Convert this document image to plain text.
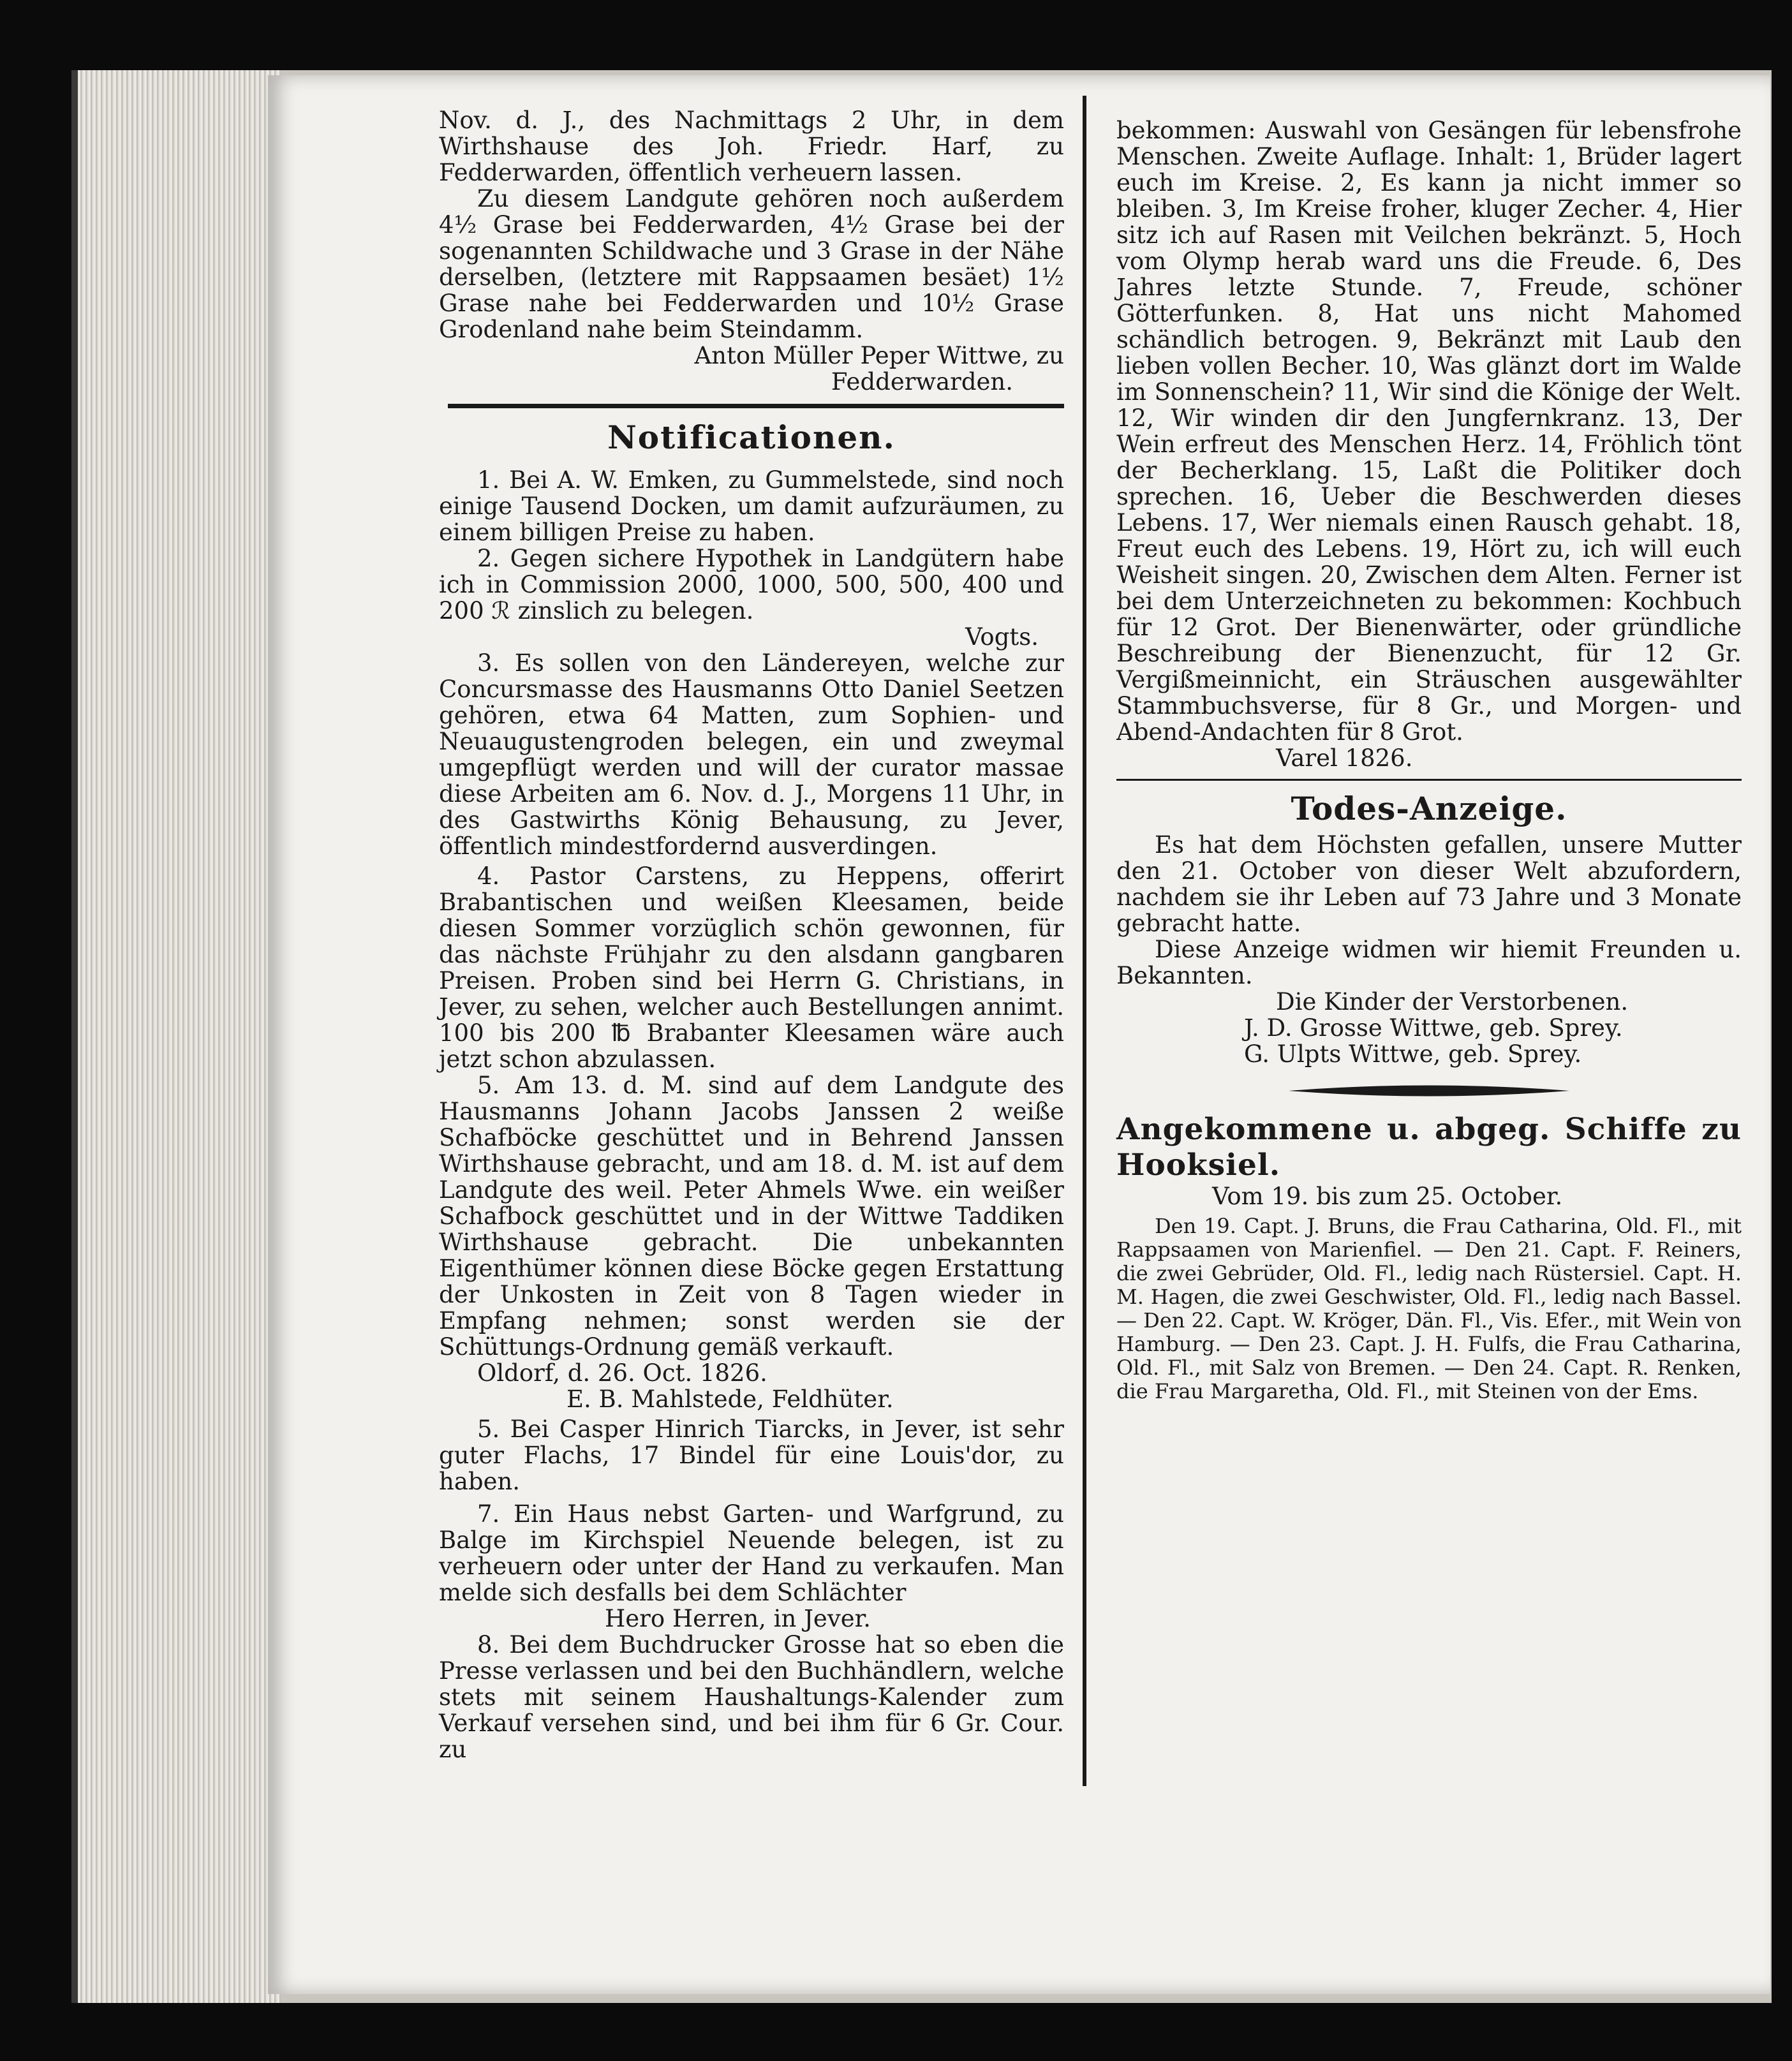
Nov. d. J., des Nachmittags 2 Uhr, in dem Wirthshause des Joh. Friedr. Harf, zu Fedderwarden, öffentlich verheuern lassen.

Zu diesem Landgute gehören noch außerdem 4½ Grase bei Fedderwarden, 4½ Grase bei der sogenannten Schildwache und 3 Grase in der Nähe derselben, (letztere mit Rappsaamen besäet) 1½ Grase nahe bei Fedderwarden und 10½ Grase Grodenland nahe beim Steindamm.

Anton Müller Peper Wittwe, zu

Fedderwarden.

Notificationen.

1. Bei A. W. Emken, zu Gummelstede, sind noch einige Tausend Docken, um damit aufzuräumen, zu einem billigen Preise zu haben.

2. Gegen sichere Hypothek in Landgütern habe ich in Commission 2000, 1000, 500, 500, 400 und 200 ℛ zinslich zu belegen.

Vogts.

3. Es sollen von den Ländereyen, welche zur Concursmasse des Hausmanns Otto Daniel Seetzen gehören, etwa 64 Matten, zum Sophien- und Neuaugustengroden belegen, ein und zweymal umgepflügt werden und will der curator massae diese Arbeiten am 6. Nov. d. J., Morgens 11 Uhr, in des Gastwirths König Behausung, zu Jever, öffentlich mindestfordernd ausverdingen.

4. Pastor Carstens, zu Heppens, offerirt Brabantischen und weißen Kleesamen, beide diesen Sommer vorzüglich schön gewonnen, für das nächste Frühjahr zu den alsdann gangbaren Preisen. Proben sind bei Herrn G. Christians, in Jever, zu sehen, welcher auch Bestellungen annimt. 100 bis 200 ℔ Brabanter Kleesamen wäre auch jetzt schon abzulassen.

5. Am 13. d. M. sind auf dem Landgute des Hausmanns Johann Jacobs Janssen 2 weiße Schafböcke geschüttet und in Behrend Janssen Wirthshause gebracht, und am 18. d. M. ist auf dem Landgute des weil. Peter Ahmels Wwe. ein weißer Schafbock geschüttet und in der Wittwe Taddiken Wirthshause gebracht. Die unbekannten Eigenthümer können diese Böcke gegen Erstattung der Unkosten in Zeit von 8 Tagen wieder in Empfang nehmen; sonst werden sie der Schüttungs-Ordnung gemäß verkauft.

Oldorf, d. 26. Oct. 1826.

E. B. Mahlstede, Feldhüter.

5. Bei Casper Hinrich Tiarcks, in Jever, ist sehr guter Flachs, 17 Bindel für eine Louis'dor, zu haben.

7. Ein Haus nebst Garten- und Warfgrund, zu Balge im Kirchspiel Neuende belegen, ist zu verheuern oder unter der Hand zu verkaufen. Man melde sich desfalls bei dem Schlächter

Hero Herren, in Jever.

8. Bei dem Buchdrucker Grosse hat so eben die Presse verlassen und bei den Buchhändlern, welche stets mit seinem Haushaltungs-Kalender zum Verkauf versehen sind, und bei ihm für 6 Gr. Cour. zu

bekommen: Auswahl von Gesängen für lebensfrohe Menschen. Zweite Auflage. Inhalt: 1, Brüder lagert euch im Kreise. 2, Es kann ja nicht immer so bleiben. 3, Im Kreise froher, kluger Zecher. 4, Hier sitz ich auf Rasen mit Veilchen bekränzt. 5, Hoch vom Olymp herab ward uns die Freude. 6, Des Jahres letzte Stunde. 7, Freude, schöner Götterfunken. 8, Hat uns nicht Mahomed schändlich betrogen. 9, Bekränzt mit Laub den lieben vollen Becher. 10, Was glänzt dort im Walde im Sonnenschein? 11, Wir sind die Könige der Welt. 12, Wir winden dir den Jungfernkranz. 13, Der Wein erfreut des Menschen Herz. 14, Fröhlich tönt der Becherklang. 15, Laßt die Politiker doch sprechen. 16, Ueber die Beschwerden dieses Lebens. 17, Wer niemals einen Rausch gehabt. 18, Freut euch des Lebens. 19, Hört zu, ich will euch Weisheit singen. 20, Zwischen dem Alten. Ferner ist bei dem Unterzeichneten zu bekommen: Kochbuch für 12 Grot. Der Bienenwärter, oder gründliche Beschreibung der Bienenzucht, für 12 Gr. Vergißmeinnicht, ein Sträuschen ausgewählter Stammbuchsverse, für 8 Gr., und Morgen- und Abend-Andachten für 8 Grot.

Varel 1826.

Todes-Anzeige.

Es hat dem Höchsten gefallen, unsere Mutter den 21. October von dieser Welt abzufordern, nachdem sie ihr Leben auf 73 Jahre und 3 Monate gebracht hatte.

Diese Anzeige widmen wir hiemit Freunden u. Bekannten.

Die Kinder der Verstorbenen.

J. D. Grosse Wittwe, geb. Sprey.

G. Ulpts Wittwe, geb. Sprey.

Angekommene u. abgeg. Schiffe zu Hooksiel.

Vom 19. bis zum 25. October.

Den 19. Capt. J. Bruns, die Frau Catharina, Old. Fl., mit Rappsaamen von Marienfiel. — Den 21. Capt. F. Reiners, die zwei Gebrüder, Old. Fl., ledig nach Rüstersiel. Capt. H. M. Hagen, die zwei Geschwister, Old. Fl., ledig nach Bassel. — Den 22. Capt. W. Kröger, Dän. Fl., Vis. Efer., mit Wein von Hamburg. — Den 23. Capt. J. H. Fulfs, die Frau Catharina, Old. Fl., mit Salz von Bremen. — Den 24. Capt. R. Renken, die Frau Margaretha, Old. Fl., mit Steinen von der Ems.
